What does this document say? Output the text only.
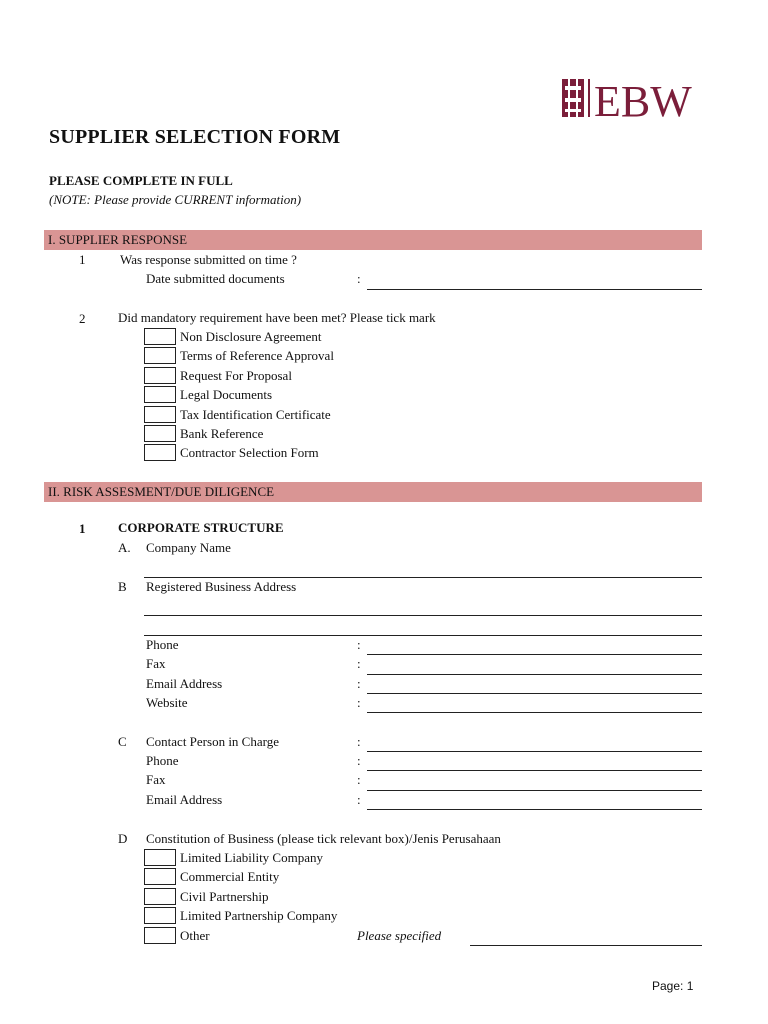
EBW
SUPPLIER SELECTION FORM
PLEASE COMPLETE IN FULL
(NOTE: Please provide CURRENT information)
I. SUPPLIER RESPONSE
1	Was response submitted on time ?
Date submitted documents	:
2	Did mandatory requirement have been met? Please tick mark
Non Disclosure Agreement
Terms of Reference Approval
Request For Proposal
Legal Documents
Tax Identification Certificate
Bank Reference
Contractor Selection Form
II. RISK ASSESMENT/DUE DILIGENCE
1	CORPORATE STRUCTURE
A. Company Name
B Registered Business Address
Phone	:
Fax	:
Email Address	:
Website	:
C Contact Person in Charge	:
Phone	:
Fax	:
Email Address	:
D Constitution of Business (please tick relevant box)/Jenis Perusahaan
Limited Liability Company
Commercial Entity
Civil Partnership
Limited Partnership Company
Other	Please specified
Page: 1
